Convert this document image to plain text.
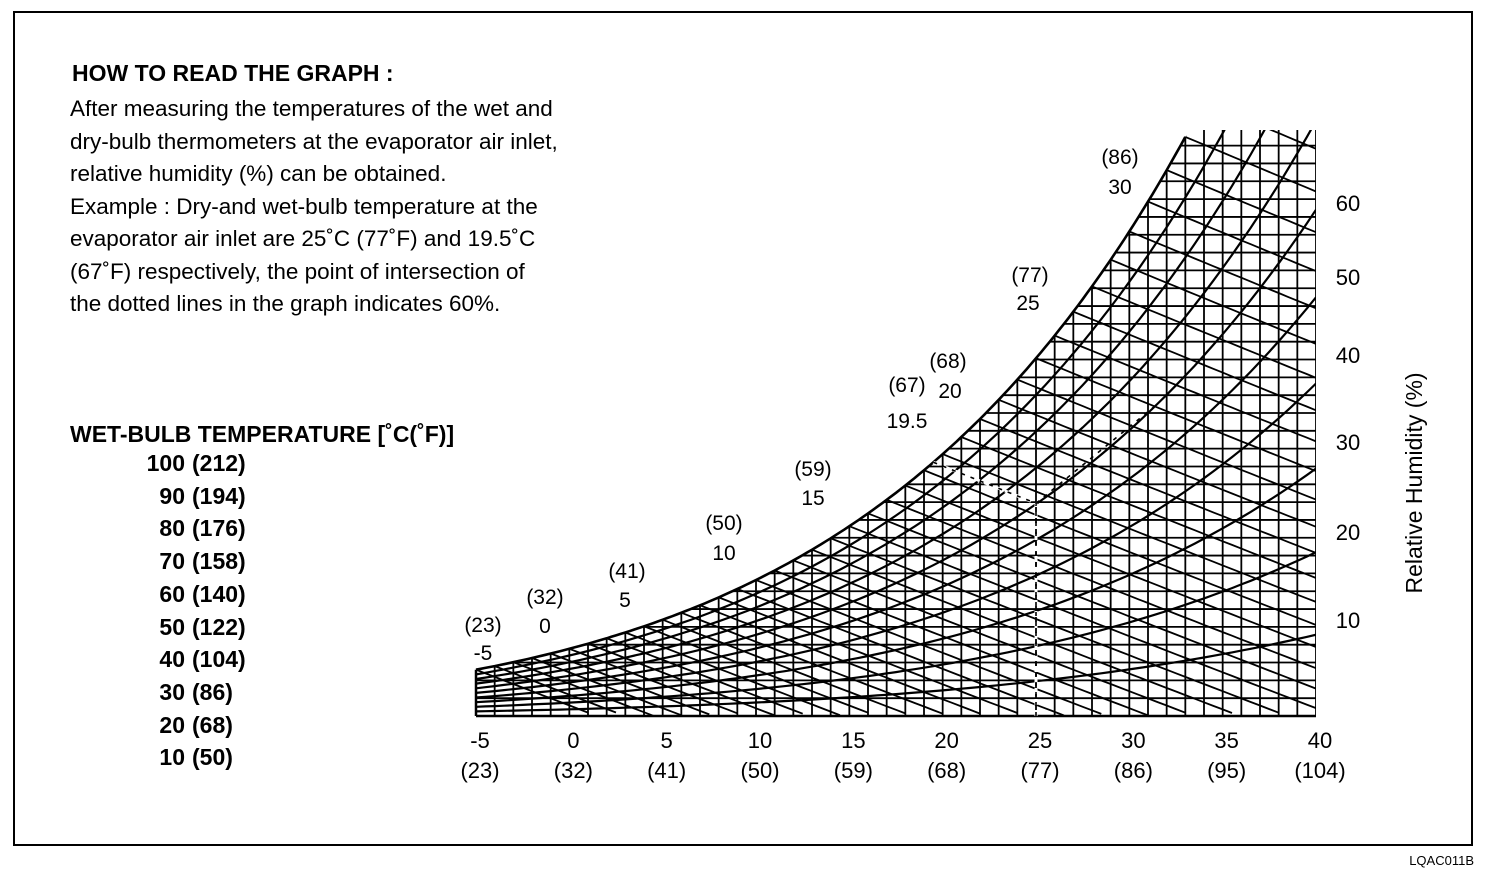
HOW TO READ THE GRAPH :
After measuring the temperatures of the wet and
dry-bulb thermometers at the evaporator air inlet,
relative humidity (%) can be obtained.
Example : Dry-and wet-bulb temperature at the
evaporator air inlet are 25˚C (77˚F) and 19.5˚C
(67˚F) respectively, the point of intersection of
the dotted lines in the graph indicates 60%.
WET-BULB TEMPERATURE [˚C(˚F)]
100 (212)
90 (194)
80 (176)
70 (158)
60 (140)
50 (122)
40 (104)
30 (86)
20 (68)
10 (50)
-5
(23)
0
(32)
5
(41)
10
(50)
15
(59)
20
(68)
25
(77)
30
(86)
35
(95)
40
(104)
10
20
30
40
50
60
Relative Humidity (%)
(23)
-5
(32)
0
(41)
5
(50)
10
(59)
15
(67)
19.5
(68)
20
(77)
25
(86)
30
LQAC011B
